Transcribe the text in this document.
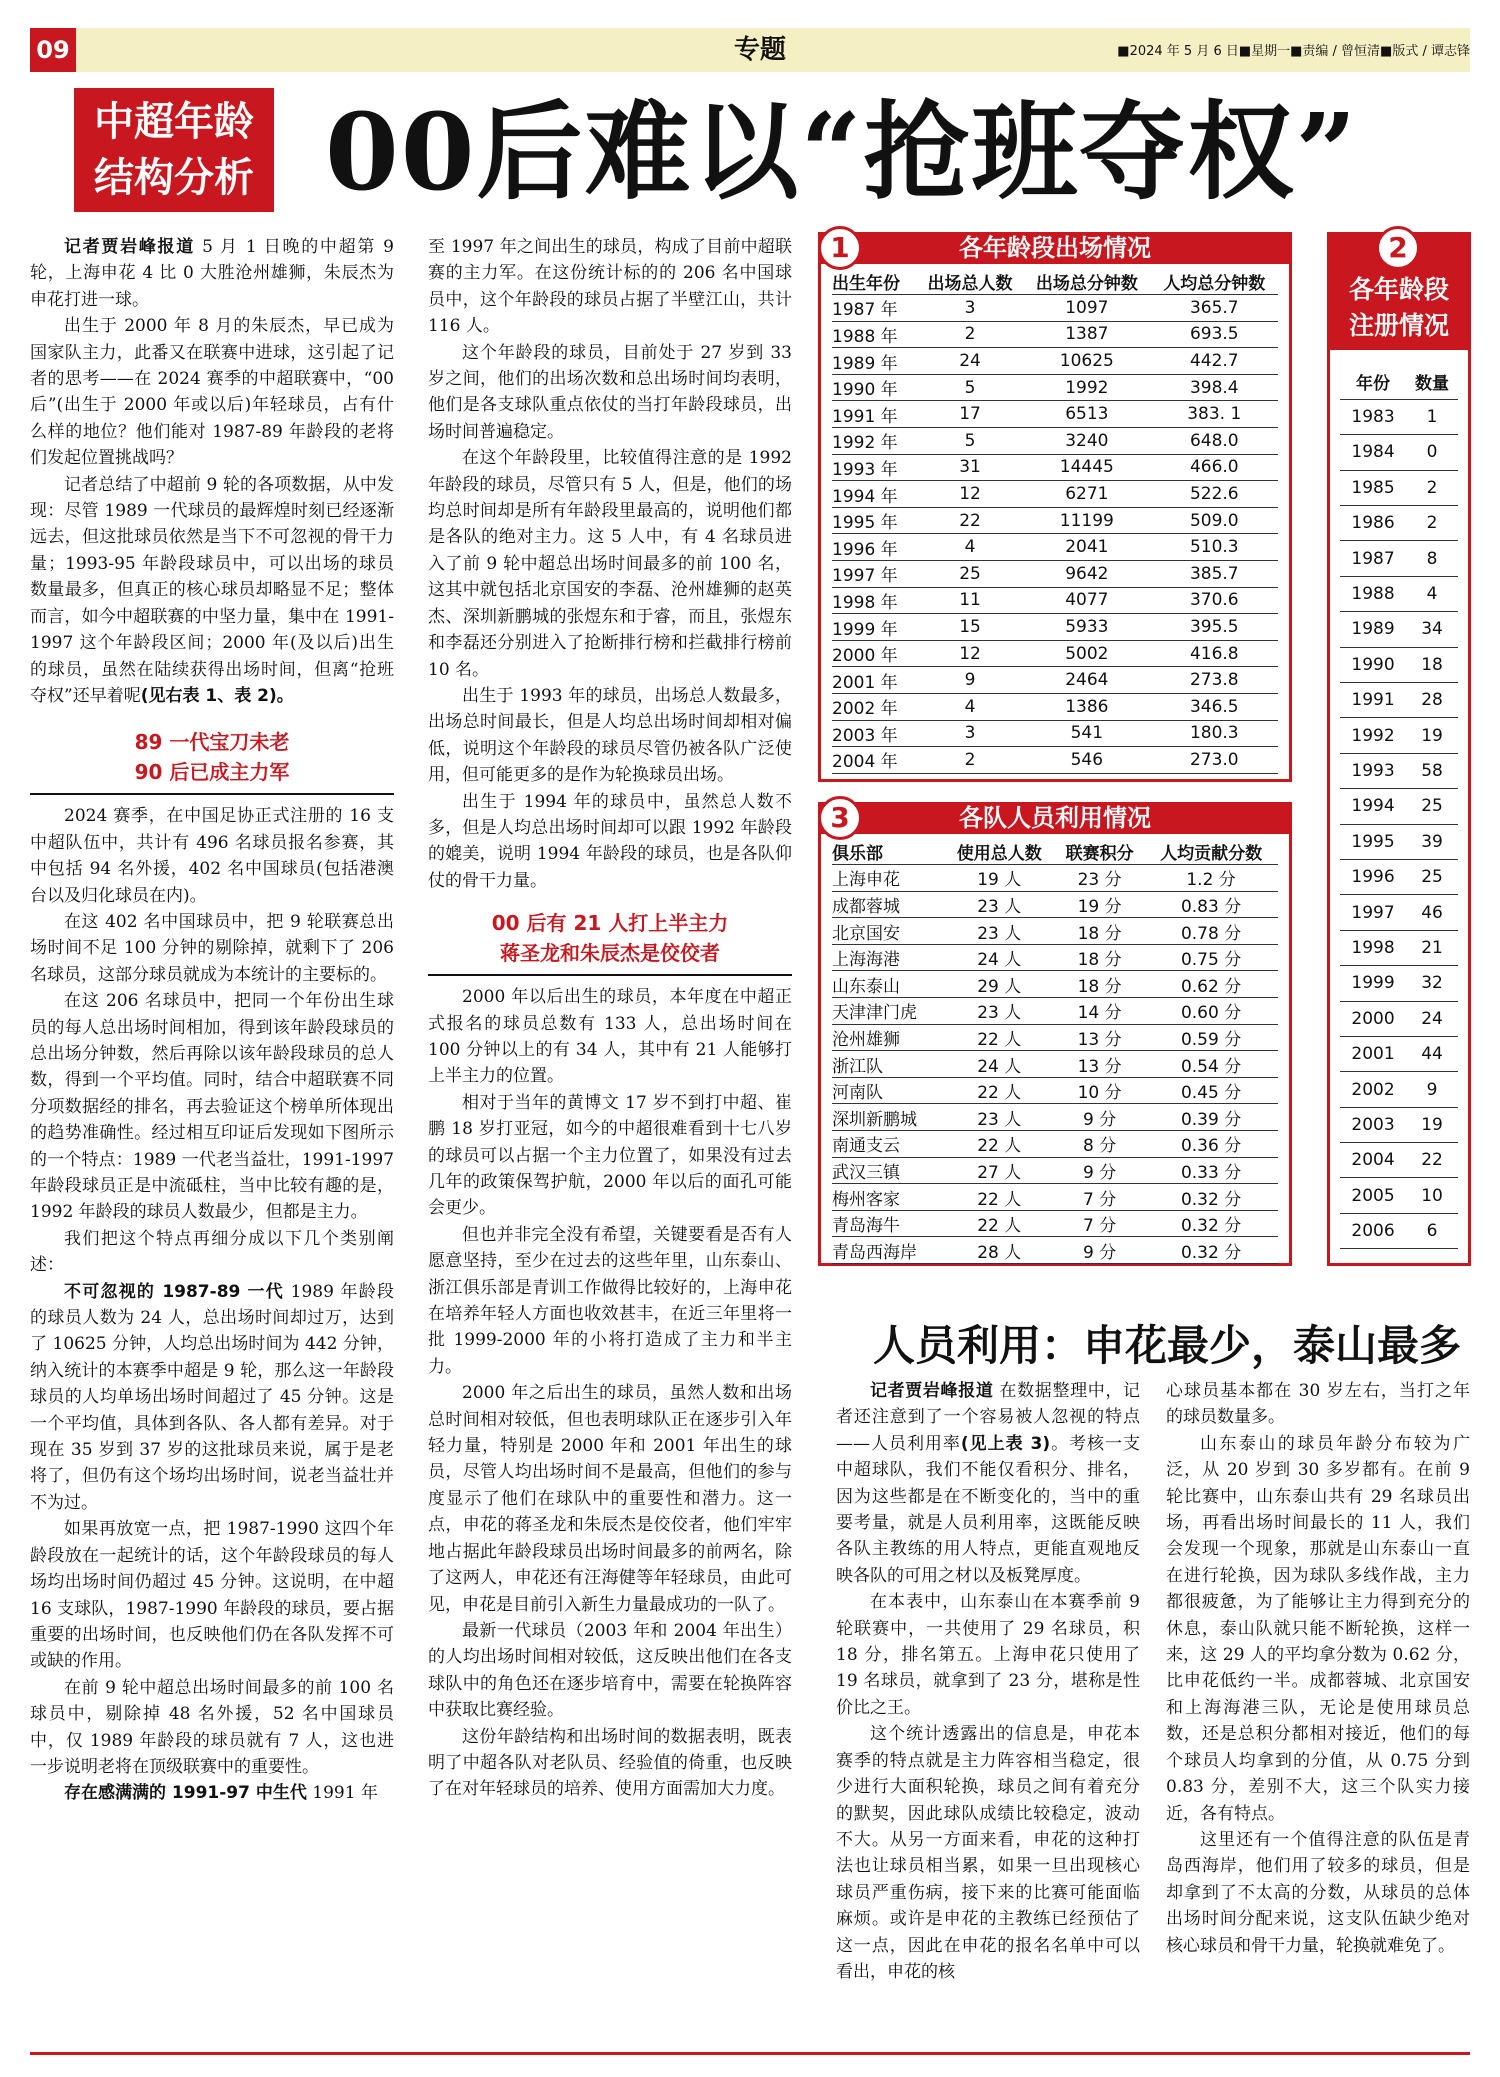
09	专题	■2024 年 5 月 6 日■星期一■责编 / 曾恒清■版式 / 谭志锋
中超年龄
结构分析 00后难以“抢班夺权”

记者贾岩峰报道 5 月 1 日晚的中超第 9 轮，上海申花 4 比 0 大胜沧州雄狮，朱辰杰为申花打进一球。

出生于 2000 年 8 月的朱辰杰，早已成为国家队主力，此番又在联赛中进球，这引起了记者的思考——在 2024 赛季的中超联赛中，“00 后”(出生于 2000 年或以后)年轻球员，占有什么样的地位？他们能对 1987-89 年龄段的老将们发起位置挑战吗？

记者总结了中超前 9 轮的各项数据，从中发现：尽管 1989 一代球员的最辉煌时刻已经逐渐远去，但这批球员依然是当下不可忽视的骨干力量；1993-95 年龄段球员中，可以出场的球员数量最多，但真正的核心球员却略显不足；整体而言，如今中超联赛的中坚力量，集中在 1991-1997 这个年龄段区间；2000 年(及以后)出生的球员，虽然在陆续获得出场时间，但离“抢班夺权”还早着呢(见右表 1、表 2)。

89 一代宝刀未老
90 后已成主力军

2024 赛季，在中国足协正式注册的 16 支中超队伍中，共计有 496 名球员报名参赛，其中包括 94 名外援，402 名中国球员(包括港澳台以及归化球员在内)。

在这 402 名中国球员中，把 9 轮联赛总出场时间不足 100 分钟的剔除掉，就剩下了 206 名球员，这部分球员就成为本统计的主要标的。

在这 206 名球员中，把同一个年份出生球员的每人总出场时间相加，得到该年龄段球员的总出场分钟数，然后再除以该年龄段球员的总人数，得到一个平均值。同时，结合中超联赛不同分项数据经的排名，再去验证这个榜单所体现出的趋势准确性。经过相互印证后发现如下图所示的一个特点：1989 一代老当益壮，1991-1997 年龄段球员正是中流砥柱，当中比较有趣的是，1992 年龄段的球员人数最少，但都是主力。

我们把这个特点再细分成以下几个类别阐述：

不可忽视的 1987-89 一代 1989 年龄段的球员人数为 24 人，总出场时间却过万，达到了 10625 分钟，人均总出场时间为 442 分钟，纳入统计的本赛季中超是 9 轮，那么这一年龄段球员的人均单场出场时间超过了 45 分钟。这是一个平均值，具体到各队、各人都有差异。对于现在 35 岁到 37 岁的这批球员来说，属于是老将了，但仍有这个场均出场时间，说老当益壮并不为过。

如果再放宽一点，把 1987-1990 这四个年龄段放在一起统计的话，这个年龄段球员的每人场均出场时间仍超过 45 分钟。这说明，在中超 16 支球队，1987-1990 年龄段的球员，要占据重要的出场时间，也反映他们仍在各队发挥不可或缺的作用。

在前 9 轮中超总出场时间最多的前 100 名球员中，剔除掉 48 名外援，52 名中国球员中，仅 1989 年龄段的球员就有 7 人，这也进一步说明老将在顶级联赛中的重要性。

存在感满满的 1991-97 中生代 1991 年

至 1997 年之间出生的球员，构成了目前中超联赛的主力军。在这份统计标的的 206 名中国球员中，这个年龄段的球员占据了半壁江山，共计 116 人。

这个年龄段的球员，目前处于 27 岁到 33 岁之间，他们的出场次数和总出场时间均表明，他们是各支球队重点依仗的当打年龄段球员，出场时间普遍稳定。

在这个年龄段里，比较值得注意的是 1992 年龄段的球员，尽管只有 5 人，但是，他们的场均总时间却是所有年龄段里最高的，说明他们都是各队的绝对主力。这 5 人中，有 4 名球员进入了前 9 轮中超总出场时间最多的前 100 名，这其中就包括北京国安的李磊、沧州雄狮的赵英杰、深圳新鹏城的张煜东和于睿，而且，张煜东和李磊还分别进入了抢断排行榜和拦截排行榜前 10 名。

出生于 1993 年的球员，出场总人数最多，出场总时间最长，但是人均总出场时间却相对偏低，说明这个年龄段的球员尽管仍被各队广泛使用，但可能更多的是作为轮换球员出场。

出生于 1994 年的球员中，虽然总人数不多，但是人均总出场时间却可以跟 1992 年龄段的媲美，说明 1994 年龄段的球员，也是各队仰仗的骨干力量。

00 后有 21 人打上半主力
蒋圣龙和朱辰杰是佼佼者

2000 年以后出生的球员，本年度在中超正式报名的球员总数有 133 人，总出场时间在 100 分钟以上的有 34 人，其中有 21 人能够打上半主力的位置。

相对于当年的黄博文 17 岁不到打中超、崔鹏 18 岁打亚冠，如今的中超很难看到十七八岁的球员可以占据一个主力位置了，如果没有过去几年的政策保驾护航，2000 年以后的面孔可能会更少。

但也并非完全没有希望，关键要看是否有人愿意坚持，至少在过去的这些年里，山东泰山、浙江俱乐部是青训工作做得比较好的，上海申花在培养年轻人方面也收效甚丰，在近三年里将一批 1999-2000 年的小将打造成了主力和半主力。

2000 年之后出生的球员，虽然人数和出场总时间相对较低，但也表明球队正在逐步引入年轻力量，特别是 2000 年和 2001 年出生的球员，尽管人均出场时间不是最高，但他们的参与度显示了他们在球队中的重要性和潜力。这一点，申花的蒋圣龙和朱辰杰是佼佼者，他们牢牢地占据此年龄段球员出场时间最多的前两名，除了这两人，申花还有汪海健等年轻球员，由此可见，申花是目前引入新生力量最成功的一队了。

最新一代球员（2003 年和 2004 年出生）的人均出场时间相对较低，这反映出他们在各支球队中的角色还在逐步培育中，需要在轮换阵容中获取比赛经验。

这份年龄结构和出场时间的数据表明，既表明了中超各队对老队员、经验值的倚重，也反映了在对年轻球员的培养、使用方面需加大力度。

各年龄段出场情况
1
出生年份	出场总人数	出场总分钟数	人均总分钟数
1987 年	3	1097	365.7
1988 年	2	1387	693.5
1989 年	24	10625	442.7
1990 年	5	1992	398.4
1991 年	17	6513	383. 1
1992 年	5	3240	648.0
1993 年	31	14445	466.0
1994 年	12	6271	522.6
1995 年	22	11199	509.0
1996 年	4	2041	510.3
1997 年	25	9642	385.7
1998 年	11	4077	370.6
1999 年	15	5933	395.5
2000 年	12	5002	416.8
2001 年	9	2464	273.8
2002 年	4	1386	346.5
2003 年	3	541	180.3
2004 年	2	546	273.0
各年龄段
注册情况
2
年份	数量
1983	1
1984	0
1985	2
1986	2
1987	8
1988	4
1989	34
1990	18
1991	28
1992	19
1993	58
1994	25
1995	39
1996	25
1997	46
1998	21
1999	32
2000	24
2001	44
2002	9
2003	19
2004	22
2005	10
2006	6
各队人员利用情况
3
俱乐部	使用总人数	联赛积分	人均贡献分数
上海申花	19 人	23 分	1.2 分
成都蓉城	23 人	19 分	0.83 分
北京国安	23 人	18 分	0.78 分
上海海港	24 人	18 分	0.75 分
山东泰山	29 人	18 分	0.62 分
天津津门虎	23 人	14 分	0.60 分
沧州雄狮	22 人	13 分	0.59 分
浙江队	24 人	13 分	0.54 分
河南队	22 人	10 分	0.45 分
深圳新鹏城	23 人	9 分	0.39 分
南通支云	22 人	8 分	0.36 分
武汉三镇	27 人	9 分	0.33 分
梅州客家	22 人	7 分	0.32 分
青岛海牛	22 人	7 分	0.32 分
青岛西海岸	28 人	9 分	0.32 分
人员利用：申花最少，泰山最多

记者贾岩峰报道 在数据整理中，记者还注意到了一个容易被人忽视的特点——人员利用率(见上表 3)。考核一支中超球队，我们不能仅看积分、排名，因为这些都是在不断变化的，当中的重要考量，就是人员利用率，这既能反映各队主教练的用人特点，更能直观地反映各队的可用之材以及板凳厚度。

在本表中，山东泰山在本赛季前 9 轮联赛中，一共使用了 29 名球员，积 18 分，排名第五。上海申花只使用了 19 名球员，就拿到了 23 分，堪称是性价比之王。

这个统计透露出的信息是，申花本赛季的特点就是主力阵容相当稳定，很少进行大面积轮换，球员之间有着充分的默契，因此球队成绩比较稳定，波动不大。从另一方面来看，申花的这种打法也让球员相当累，如果一旦出现核心球员严重伤病，接下来的比赛可能面临麻烦。或许是申花的主教练已经预估了这一点，因此在申花的报名名单中可以看出，申花的核

心球员基本都在 30 岁左右，当打之年的球员数量多。

山东泰山的球员年龄分布较为广泛，从 20 岁到 30 多岁都有。在前 9 轮比赛中，山东泰山共有 29 名球员出场，再看出场时间最长的 11 人，我们会发现一个现象，那就是山东泰山一直在进行轮换，因为球队多线作战，主力都很疲惫，为了能够让主力得到充分的休息，泰山队就只能不断轮换，这样一来，这 29 人的平均拿分数为 0.62 分，比申花低约一半。成都蓉城、北京国安和上海海港三队，无论是使用球员总数，还是总积分都相对接近，他们的每个球员人均拿到的分值，从 0.75 分到 0.83 分，差别不大，这三个队实力接近，各有特点。

这里还有一个值得注意的队伍是青岛西海岸，他们用了较多的球员，但是却拿到了不太高的分数，从球员的总体出场时间分配来说，这支队伍缺少绝对核心球员和骨干力量，轮换就难免了。
